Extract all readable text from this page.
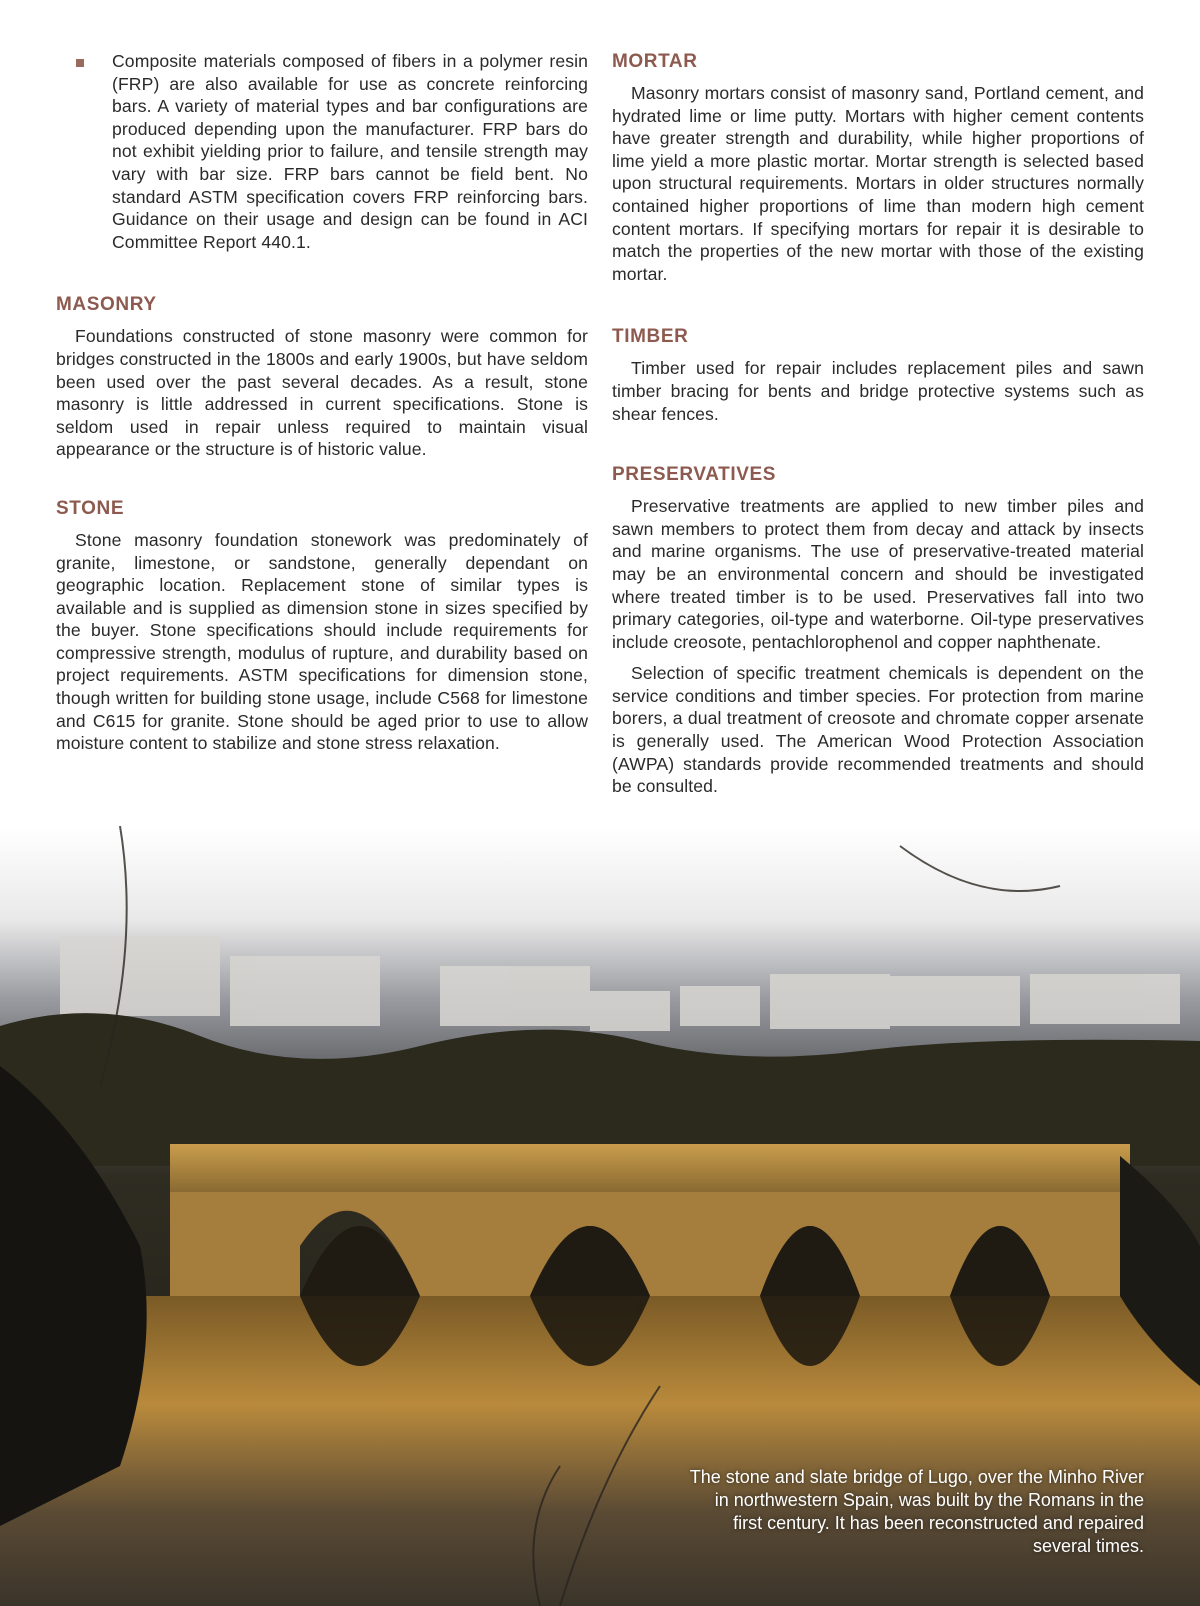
Composite materials composed of fibers in a polymer resin (FRP) are also available for use as concrete reinforcing bars. A variety of material types and bar configurations are produced depending upon the manufacturer. FRP bars do not exhibit yielding prior to failure, and tensile strength may vary with bar size. FRP bars cannot be field bent. No standard ASTM specification covers FRP reinforcing bars. Guidance on their usage and design can be found in ACI Committee Report 440.1.

MASONRY

Foundations constructed of stone masonry were common for bridges constructed in the 1800s and early 1900s, but have seldom been used over the past several decades. As a result, stone masonry is little addressed in current specifications. Stone is seldom used in repair unless required to maintain visual appearance or the structure is of historic value.

STONE

Stone masonry foundation stonework was predominately of granite, limestone, or sandstone, generally dependant on geographic location. Replacement stone of similar types is available and is supplied as dimension stone in sizes specified by the buyer. Stone specifications should include requirements for compressive strength, modulus of rupture, and durability based on project requirements. ASTM specifications for dimension stone, though written for building stone usage, include C568 for limestone and C615 for granite. Stone should be aged prior to use to allow moisture content to stabilize and stone stress relaxation.

MORTAR

Masonry mortars consist of masonry sand, Portland cement, and hydrated lime or lime putty. Mortars with higher cement contents have greater strength and durability, while higher proportions of lime yield a more plastic mortar. Mortar strength is selected based upon structural requirements. Mortars in older structures normally contained higher proportions of lime than modern high cement content mortars. If specifying mortars for repair it is desirable to match the properties of the new mortar with those of the existing mortar.

TIMBER

Timber used for repair includes replacement piles and sawn timber bracing for bents and bridge protective systems such as shear fences.

PRESERVATIVES

Preservative treatments are applied to new timber piles and sawn members to protect them from decay and attack by insects and marine organisms. The use of preservative-treated material may be an environmental concern and should be investigated where treated timber is to be used. Preservatives fall into two primary categories, oil-type and waterborne. Oil-type preservatives include creosote, pentachlorophenol and copper naphthenate.

Selection of specific treatment chemicals is dependent on the service conditions and timber species. For protection from marine borers, a dual treatment of creosote and chromate copper arsenate is generally used. The American Wood Protection Association (AWPA) standards provide recommended treatments and should be consulted.

The stone and slate bridge of Lugo, over the Minho River in northwestern Spain, was built by the Romans in the first century. It has been reconstructed and repaired several times.
